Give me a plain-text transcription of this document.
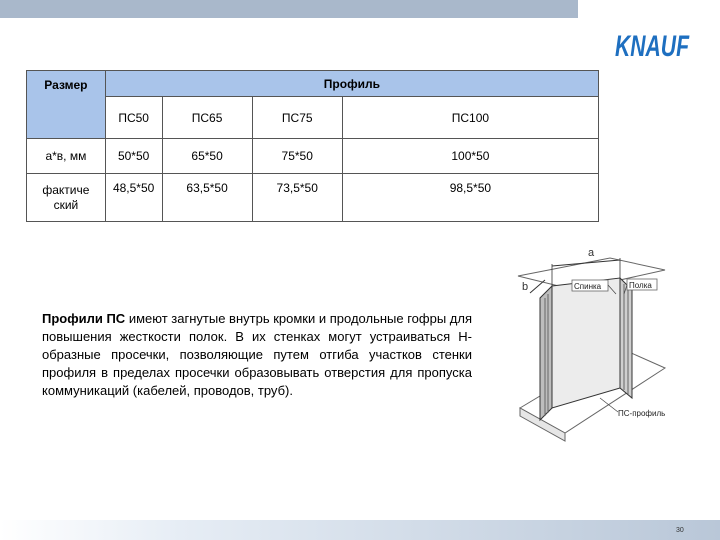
KNAUF
Размер	Профиль			
	ПС50	ПС65	ПС75	ПС100
а*в, мм	50*50	65*50	75*50	100*50
фактиче ский	48,5*50	63,5*50	73,5*50	98,5*50
Профили ПС имеют загнутые внутрь кромки и продольные гофры для повышения жесткости полок. В их стенках могут устраиваться Н-образные просечки, позволяющие путем отгиба участков стенки профиля в пределах просечки образовывать отверстия для пропуска коммуникаций (кабелей, проводов, труб).
a
b	Спинка	Полка
ПС-профиль
30
